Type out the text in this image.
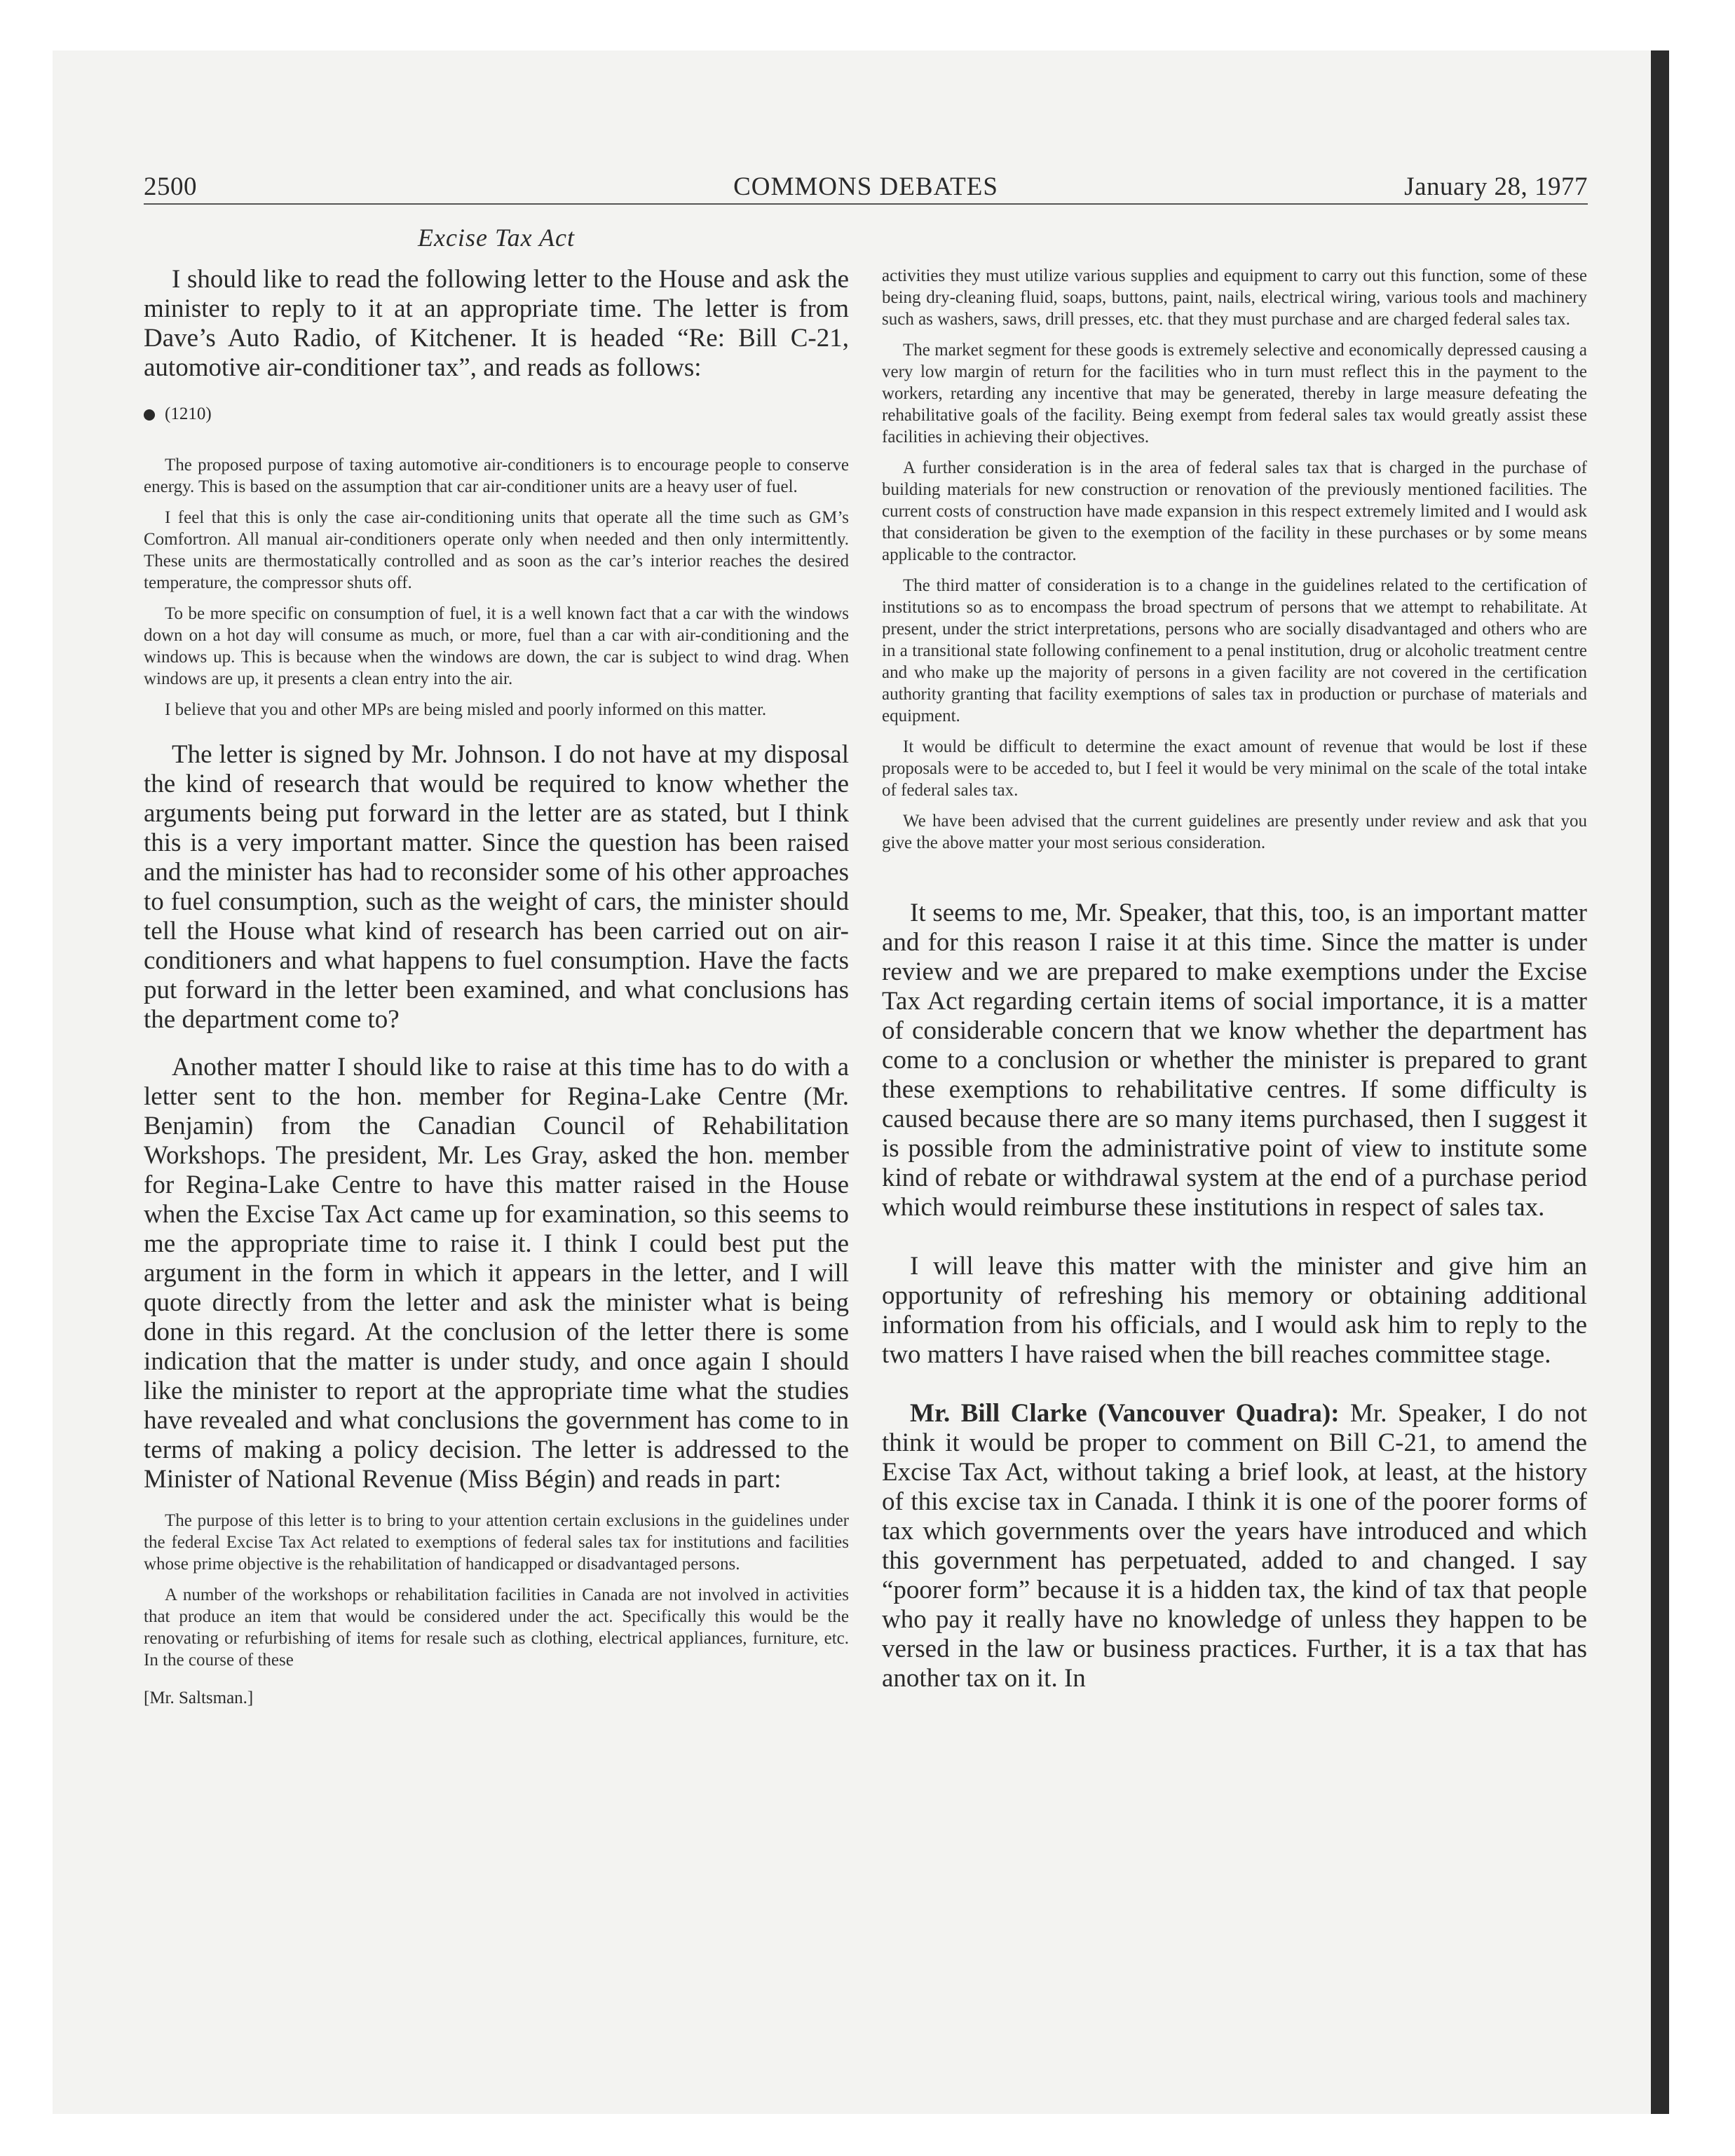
2500	COMMONS DEBATES	January 28, 1977
Excise Tax Act

I should like to read the following letter to the House and ask the minister to reply to it at an appropriate time. The letter is from Dave’s Auto Radio, of Kitchener. It is headed “Re: Bill C-21, automotive air-conditioner tax”, and reads as follows:

(1210)

The proposed purpose of taxing automotive air-conditioners is to encourage people to conserve energy. This is based on the assumption that car air-conditioner units are a heavy user of fuel.

I feel that this is only the case air-conditioning units that operate all the time such as GM’s Comfortron. All manual air-conditioners operate only when needed and then only intermittently. These units are thermostatically controlled and as soon as the car’s interior reaches the desired temperature, the compressor shuts off.

To be more specific on consumption of fuel, it is a well known fact that a car with the windows down on a hot day will consume as much, or more, fuel than a car with air-conditioning and the windows up. This is because when the windows are down, the car is subject to wind drag. When windows are up, it presents a clean entry into the air.

I believe that you and other MPs are being misled and poorly informed on this matter.

The letter is signed by Mr. Johnson. I do not have at my disposal the kind of research that would be required to know whether the arguments being put forward in the letter are as stated, but I think this is a very important matter. Since the question has been raised and the minister has had to reconsider some of his other approaches to fuel consumption, such as the weight of cars, the minister should tell the House what kind of research has been carried out on air-conditioners and what happens to fuel consumption. Have the facts put forward in the letter been examined, and what conclusions has the department come to?

Another matter I should like to raise at this time has to do with a letter sent to the hon. member for Regina-Lake Centre (Mr. Benjamin) from the Canadian Council of Rehabilitation Workshops. The president, Mr. Les Gray, asked the hon. member for Regina-Lake Centre to have this matter raised in the House when the Excise Tax Act came up for examination, so this seems to me the appropriate time to raise it. I think I could best put the argument in the form in which it appears in the letter, and I will quote directly from the letter and ask the minister what is being done in this regard. At the conclusion of the letter there is some indication that the matter is under study, and once again I should like the minister to report at the appropriate time what the studies have revealed and what conclusions the government has come to in terms of making a policy decision. The letter is addressed to the Minister of National Revenue (Miss Bégin) and reads in part:

The purpose of this letter is to bring to your attention certain exclusions in the guidelines under the federal Excise Tax Act related to exemptions of federal sales tax for institutions and facilities whose prime objective is the rehabilitation of handicapped or disadvantaged persons.

A number of the workshops or rehabilitation facilities in Canada are not involved in activities that produce an item that would be considered under the act. Specifically this would be the renovating or refurbishing of items for resale such as clothing, electrical appliances, furniture, etc. In the course of these

[Mr. Saltsman.]

activities they must utilize various supplies and equipment to carry out this function, some of these being dry-cleaning fluid, soaps, buttons, paint, nails, electrical wiring, various tools and machinery such as washers, saws, drill presses, etc. that they must purchase and are charged federal sales tax.

The market segment for these goods is extremely selective and economically depressed causing a very low margin of return for the facilities who in turn must reflect this in the payment to the workers, retarding any incentive that may be generated, thereby in large measure defeating the rehabilitative goals of the facility. Being exempt from federal sales tax would greatly assist these facilities in achieving their objectives.

A further consideration is in the area of federal sales tax that is charged in the purchase of building materials for new construction or renovation of the previously mentioned facilities. The current costs of construction have made expansion in this respect extremely limited and I would ask that consideration be given to the exemption of the facility in these purchases or by some means applicable to the contractor.

The third matter of consideration is to a change in the guidelines related to the certification of institutions so as to encompass the broad spectrum of persons that we attempt to rehabilitate. At present, under the strict interpretations, persons who are socially disadvantaged and others who are in a transitional state following confinement to a penal institution, drug or alcoholic treatment centre and who make up the majority of persons in a given facility are not covered in the certification authority granting that facility exemptions of sales tax in production or purchase of materials and equipment.

It would be difficult to determine the exact amount of revenue that would be lost if these proposals were to be acceded to, but I feel it would be very minimal on the scale of the total intake of federal sales tax.

We have been advised that the current guidelines are presently under review and ask that you give the above matter your most serious consideration.

It seems to me, Mr. Speaker, that this, too, is an important matter and for this reason I raise it at this time. Since the matter is under review and we are prepared to make exemptions under the Excise Tax Act regarding certain items of social importance, it is a matter of considerable concern that we know whether the department has come to a conclusion or whether the minister is prepared to grant these exemptions to rehabilitative centres. If some difficulty is caused because there are so many items purchased, then I suggest it is possible from the administrative point of view to institute some kind of rebate or withdrawal system at the end of a purchase period which would reimburse these institutions in respect of sales tax.

I will leave this matter with the minister and give him an opportunity of refreshing his memory or obtaining additional information from his officials, and I would ask him to reply to the two matters I have raised when the bill reaches committee stage.

Mr. Bill Clarke (Vancouver Quadra): Mr. Speaker, I do not think it would be proper to comment on Bill C-21, to amend the Excise Tax Act, without taking a brief look, at least, at the history of this excise tax in Canada. I think it is one of the poorer forms of tax which governments over the years have introduced and which this government has perpetuated, added to and changed. I say “poorer form” because it is a hidden tax, the kind of tax that people who pay it really have no knowledge of unless they happen to be versed in the law or business practices. Further, it is a tax that has another tax on it. In
